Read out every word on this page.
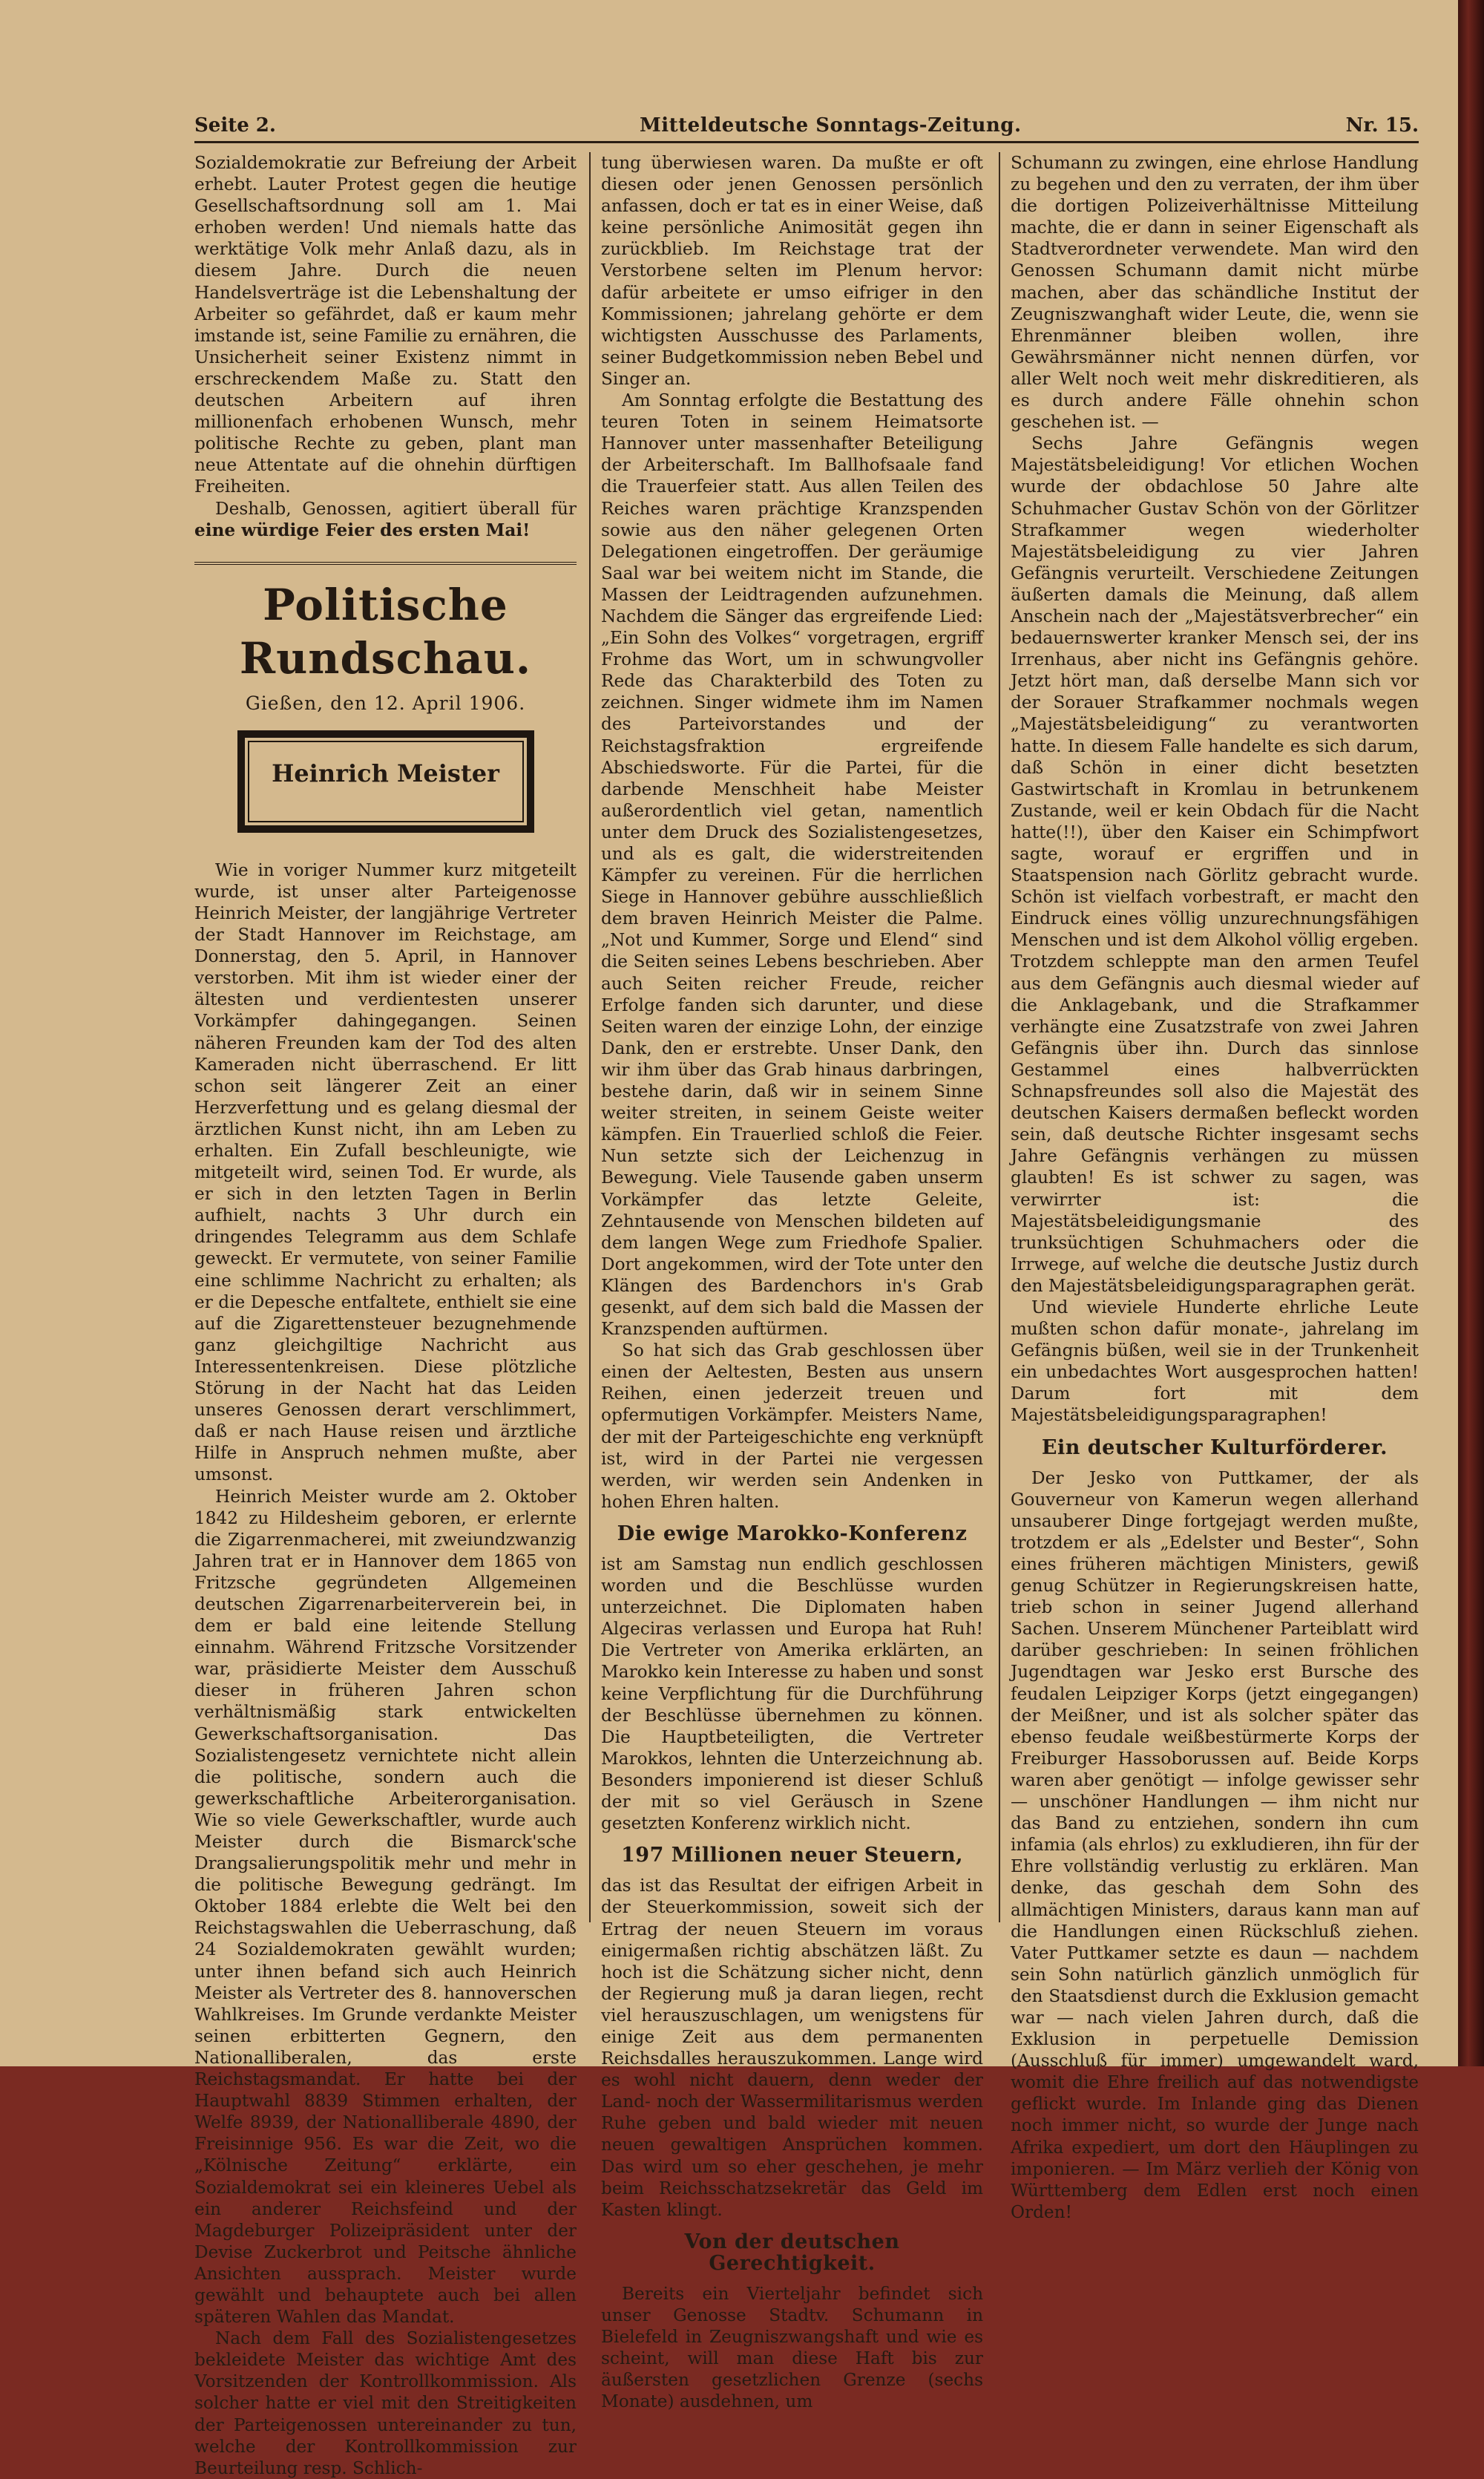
Seite 2.	Mitteldeutsche Sonntags-Zeitung.	Nr. 15.

Sozialdemokratie zur Befreiung der Arbeit erhebt. Lauter Protest gegen die heutige Gesellschaftsordnung soll am 1. Mai erhoben werden! Und niemals hatte das werktätige Volk mehr Anlaß dazu, als in diesem Jahre. Durch die neuen Handelsverträge ist die Lebenshaltung der Arbeiter so gefährdet, daß er kaum mehr imstande ist, seine Familie zu ernähren, die Unsicherheit seiner Existenz nimmt in erschreckendem Maße zu. Statt den deutschen Arbeitern auf ihren millionenfach erhobenen Wunsch, mehr politische Rechte zu geben, plant man neue Attentate auf die ohnehin dürftigen Freiheiten.

Deshalb, Genossen, agitiert überall für eine würdige Feier des ersten Mai!

Politische Rundschau.
Gießen, den 12. April 1906.
Heinrich Meister

Wie in voriger Nummer kurz mitgeteilt wurde, ist unser alter Parteigenosse Heinrich Meister, der langjährige Vertreter der Stadt Hannover im Reichstage, am Donnerstag, den 5. April, in Hannover verstorben. Mit ihm ist wieder einer der ältesten und verdientesten unserer Vorkämpfer dahingegangen. Seinen näheren Freunden kam der Tod des alten Kameraden nicht überraschend. Er litt schon seit längerer Zeit an einer Herzverfettung und es gelang diesmal der ärztlichen Kunst nicht, ihn am Leben zu erhalten. Ein Zufall beschleunigte, wie mitgeteilt wird, seinen Tod. Er wurde, als er sich in den letzten Tagen in Berlin aufhielt, nachts 3 Uhr durch ein dringendes Telegramm aus dem Schlafe geweckt. Er vermutete, von seiner Familie eine schlimme Nachricht zu erhalten; als er die Depesche entfaltete, enthielt sie eine auf die Zigarettensteuer bezugnehmende ganz gleichgiltige Nachricht aus Interessentenkreisen. Diese plötzliche Störung in der Nacht hat das Leiden unseres Genossen derart verschlimmert, daß er nach Hause reisen und ärztliche Hilfe in Anspruch nehmen mußte, aber umsonst.

Heinrich Meister wurde am 2. Oktober 1842 zu Hildesheim geboren, er erlernte die Zigarrenmacherei, mit zweiundzwanzig Jahren trat er in Hannover dem 1865 von Fritzsche gegründeten Allgemeinen deutschen Zigarrenarbeiterverein bei, in dem er bald eine leitende Stellung einnahm. Während Fritzsche Vorsitzender war, präsidierte Meister dem Ausschuß dieser in früheren Jahren schon verhältnismäßig stark entwickelten Gewerkschaftsorganisation. Das Sozialistengesetz vernichtete nicht allein die politische, sondern auch die gewerkschaftliche Arbeiterorganisation. Wie so viele Gewerkschaftler, wurde auch Meister durch die Bismarck'sche Drangsalierungspolitik mehr und mehr in die politische Bewegung gedrängt. Im Oktober 1884 erlebte die Welt bei den Reichstagswahlen die Ueberraschung, daß 24 Sozialdemokraten gewählt wurden; unter ihnen befand sich auch Heinrich Meister als Vertreter des 8. hannoverschen Wahlkreises. Im Grunde verdankte Meister seinen erbitterten Gegnern, den Nationalliberalen, das erste Reichstagsmandat. Er hatte bei der Hauptwahl 8839 Stimmen erhalten, der Welfe 8939, der Nationalliberale 4890, der Freisinnige 956. Es war die Zeit, wo die „Kölnische Zeitung“ erklärte, ein Sozialdemokrat sei ein kleineres Uebel als ein anderer Reichsfeind und der Magdeburger Polizeipräsident unter der Devise Zuckerbrot und Peitsche ähnliche Ansichten aussprach. Meister wurde gewählt und behauptete auch bei allen späteren Wahlen das Mandat.

Nach dem Fall des Sozialistengesetzes bekleidete Meister das wichtige Amt des Vorsitzenden der Kontrollkommission. Als solcher hatte er viel mit den Streitigkeiten der Parteigenossen untereinander zu tun, welche der Kontrollkommission zur Beurteilung resp. Schlich-

tung überwiesen waren. Da mußte er oft diesen oder jenen Genossen persönlich anfassen, doch er tat es in einer Weise, daß keine persönliche Animosität gegen ihn zurückblieb. Im Reichstage trat der Verstorbene selten im Plenum hervor: dafür arbeitete er umso eifriger in den Kommissionen; jahrelang gehörte er dem wichtigsten Ausschusse des Parlaments, seiner Budgetkommission neben Bebel und Singer an.

Am Sonntag erfolgte die Bestattung des teuren Toten in seinem Heimatsorte Hannover unter massenhafter Beteiligung der Arbeiterschaft. Im Ballhofsaale fand die Trauerfeier statt. Aus allen Teilen des Reiches waren prächtige Kranzspenden sowie aus den näher gelegenen Orten Delegationen eingetroffen. Der geräumige Saal war bei weitem nicht im Stande, die Massen der Leidtragenden aufzunehmen. Nachdem die Sänger das ergreifende Lied: „Ein Sohn des Volkes“ vorgetragen, ergriff Frohme das Wort, um in schwungvoller Rede das Charakterbild des Toten zu zeichnen. Singer widmete ihm im Namen des Parteivorstandes und der Reichstagsfraktion ergreifende Abschiedsworte. Für die Partei, für die darbende Menschheit habe Meister außerordentlich viel getan, namentlich unter dem Druck des Sozialistengesetzes, und als es galt, die widerstreitenden Kämpfer zu vereinen. Für die herrlichen Siege in Hannover gebühre ausschließlich dem braven Heinrich Meister die Palme. „Not und Kummer, Sorge und Elend“ sind die Seiten seines Lebens beschrieben. Aber auch Seiten reicher Freude, reicher Erfolge fanden sich darunter, und diese Seiten waren der einzige Lohn, der einzige Dank, den er erstrebte. Unser Dank, den wir ihm über das Grab hinaus darbringen, bestehe darin, daß wir in seinem Sinne weiter streiten, in seinem Geiste weiter kämpfen. Ein Trauerlied schloß die Feier. Nun setzte sich der Leichenzug in Bewegung. Viele Tausende gaben unserm Vorkämpfer das letzte Geleite, Zehntausende von Menschen bildeten auf dem langen Wege zum Friedhofe Spalier. Dort angekommen, wird der Tote unter den Klängen des Bardenchors in's Grab gesenkt, auf dem sich bald die Massen der Kranzspenden auftürmen.

So hat sich das Grab geschlossen über einen der Aeltesten, Besten aus unsern Reihen, einen jederzeit treuen und opfermutigen Vorkämpfer. Meisters Name, der mit der Parteigeschichte eng verknüpft ist, wird in der Partei nie vergessen werden, wir werden sein Andenken in hohen Ehren halten.

Die ewige Marokko-Konferenz

ist am Samstag nun endlich geschlossen worden und die Beschlüsse wurden unterzeichnet. Die Diplomaten haben Algeciras verlassen und Europa hat Ruh! Die Vertreter von Amerika erklärten, an Marokko kein Interesse zu haben und sonst keine Verpflichtung für die Durchführung der Beschlüsse übernehmen zu können. Die Hauptbeteiligten, die Vertreter Marokkos, lehnten die Unterzeichnung ab. Besonders imponierend ist dieser Schluß der mit so viel Geräusch in Szene gesetzten Konferenz wirklich nicht.

197 Millionen neuer Steuern,

das ist das Resultat der eifrigen Arbeit in der Steuerkommission, soweit sich der Ertrag der neuen Steuern im voraus einigermaßen richtig abschätzen läßt. Zu hoch ist die Schätzung sicher nicht, denn der Regierung muß ja daran liegen, recht viel herauszuschlagen, um wenigstens für einige Zeit aus dem permanenten Reichsdalles herauszukommen. Lange wird es wohl nicht dauern, denn weder der Land- noch der Wassermilitarismus werden Ruhe geben und bald wieder mit neuen neuen gewaltigen Ansprüchen kommen. Das wird um so eher geschehen, je mehr beim Reichsschatzsekretär das Geld im Kasten klingt.

Von der deutschen Gerechtigkeit.

Bereits ein Vierteljahr befindet sich unser Genosse Stadtv. Schumann in Bielefeld in Zeugniszwangshaft und wie es scheint, will man diese Haft bis zur äußersten gesetzlichen Grenze (sechs Monate) ausdehnen, um

Schumann zu zwingen, eine ehrlose Handlung zu begehen und den zu verraten, der ihm über die dortigen Polizeiverhältnisse Mitteilung machte, die er dann in seiner Eigenschaft als Stadtverordneter verwendete. Man wird den Genossen Schumann damit nicht mürbe machen, aber das schändliche Institut der Zeugniszwanghaft wider Leute, die, wenn sie Ehrenmänner bleiben wollen, ihre Gewährsmänner nicht nennen dürfen, vor aller Welt noch weit mehr diskreditieren, als es durch andere Fälle ohnehin schon geschehen ist. —

Sechs Jahre Gefängnis wegen Majestätsbeleidigung! Vor etlichen Wochen wurde der obdachlose 50 Jahre alte Schuhmacher Gustav Schön von der Görlitzer Strafkammer wegen wiederholter Majestätsbeleidigung zu vier Jahren Gefängnis verurteilt. Verschiedene Zeitungen äußerten damals die Meinung, daß allem Anschein nach der „Majestätsverbrecher“ ein bedauernswerter kranker Mensch sei, der ins Irrenhaus, aber nicht ins Gefängnis gehöre. Jetzt hört man, daß derselbe Mann sich vor der Sorauer Strafkammer nochmals wegen „Majestätsbeleidigung“ zu verantworten hatte. In diesem Falle handelte es sich darum, daß Schön in einer dicht besetzten Gastwirtschaft in Kromlau in betrunkenem Zustande, weil er kein Obdach für die Nacht hatte(!!), über den Kaiser ein Schimpfwort sagte, worauf er ergriffen und in Staatspension nach Görlitz gebracht wurde. Schön ist vielfach vorbestraft, er macht den Eindruck eines völlig unzurechnungsfähigen Menschen und ist dem Alkohol völlig ergeben. Trotzdem schleppte man den armen Teufel aus dem Gefängnis auch diesmal wieder auf die Anklagebank, und die Strafkammer verhängte eine Zusatzstrafe von zwei Jahren Gefängnis über ihn. Durch das sinnlose Gestammel eines halbverrückten Schnapsfreundes soll also die Majestät des deutschen Kaisers dermaßen befleckt worden sein, daß deutsche Richter insgesamt sechs Jahre Gefängnis verhängen zu müssen glaubten! Es ist schwer zu sagen, was verwirrter ist: die Majestätsbeleidigungsmanie des trunksüchtigen Schuhmachers oder die Irrwege, auf welche die deutsche Justiz durch den Majestätsbeleidigungsparagraphen gerät.

Und wieviele Hunderte ehrliche Leute mußten schon dafür monate-, jahrelang im Gefängnis büßen, weil sie in der Trunkenheit ein unbedachtes Wort ausgesprochen hatten! Darum fort mit dem Majestätsbeleidigungsparagraphen!

Ein deutscher Kulturförderer.

Der Jesko von Puttkamer, der als Gouverneur von Kamerun wegen allerhand unsauberer Dinge fortgejagt werden mußte, trotzdem er als „Edelster und Bester“, Sohn eines früheren mächtigen Ministers, gewiß genug Schützer in Regierungskreisen hatte, trieb schon in seiner Jugend allerhand Sachen. Unserem Münchener Parteiblatt wird darüber geschrieben: In seinen fröhlichen Jugendtagen war Jesko erst Bursche des feudalen Leipziger Korps (jetzt eingegangen) der Meißner, und ist als solcher später das ebenso feudale weißbestürmerte Korps der Freiburger Hassoborussen auf. Beide Korps waren aber genötigt — infolge gewisser sehr — unschöner Handlungen — ihm nicht nur das Band zu entziehen, sondern ihn cum infamia (als ehrlos) zu exkludieren, ihn für der Ehre vollständig verlustig zu erklären. Man denke, das geschah dem Sohn des allmächtigen Ministers, daraus kann man auf die Handlungen einen Rückschluß ziehen. Vater Puttkamer setzte es daun — nachdem sein Sohn natürlich gänzlich unmöglich für den Staatsdienst durch die Exklusion gemacht war — nach vielen Jahren durch, daß die Exklusion in perpetuelle Demission (Ausschluß für immer) umgewandelt ward, womit die Ehre freilich auf das notwendigste geflickt wurde. Im Inlande ging das Dienen noch immer nicht, so wurde der Junge nach Afrika expediert, um dort den Häuplingen zu imponieren. — Im März verlieh der König von Württemberg dem Edlen erst noch einen Orden!
